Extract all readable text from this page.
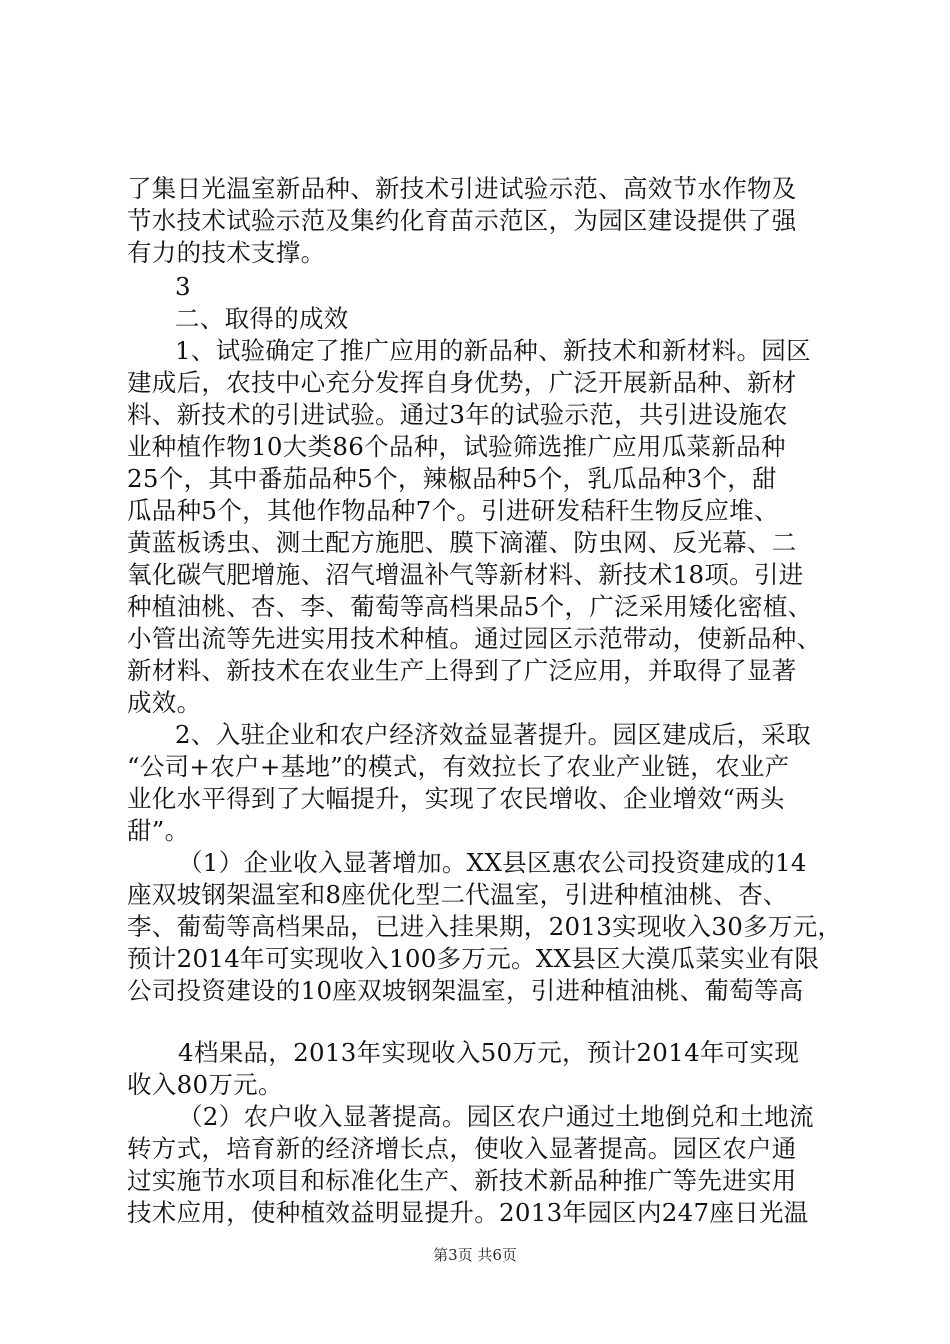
了集日光温室新品种、新技术引进试验示范、高效节水作物及
节水技术试验示范及集约化育苗示范区，为园区建设提供了强
有力的技术支撑。
3
二、取得的成效
1、试验确定了推广应用的新品种、新技术和新材料。园区
建成后，农技中心充分发挥自身优势，广泛开展新品种、新材
料、新技术的引进试验。通过3年的试验示范，共引进设施农
业种植作物10大类86个品种，试验筛选推广应用瓜菜新品种
25个，其中番茄品种5个，辣椒品种5个，乳瓜品种3个，甜
瓜品种5个，其他作物品种7个。引进研发秸秆生物反应堆、
黄蓝板诱虫、测土配方施肥、膜下滴灌、防虫网、反光幕、二
氧化碳气肥增施、沼气增温补气等新材料、新技术18项。引进
种植油桃、杏、李、葡萄等高档果品5个，广泛采用矮化密植、
小管出流等先进实用技术种植。通过园区示范带动，使新品种、
新材料、新技术在农业生产上得到了广泛应用，并取得了显著
成效。
2、入驻企业和农户经济效益显著提升。园区建成后，采取
“公司+农户+基地”的模式，有效拉长了农业产业链，农业产
业化水平得到了大幅提升，实现了农民增收、企业增效“两头
甜”。
（1）企业收入显著增加。XX县区惠农公司投资建成的14
座双坡钢架温室和8座优化型二代温室，引进种植油桃、杏、
李、葡萄等高档果品，已进入挂果期，2013实现收入30多万元，
预计2014年可实现收入100多万元。XX县区大漠瓜菜实业有限
公司投资建设的10座双坡钢架温室，引进种植油桃、葡萄等高
4档果品，2013年实现收入50万元，预计2014年可实现
收入80万元。
（2）农户收入显著提高。园区农户通过土地倒兑和土地流
转方式，培育新的经济增长点，使收入显著提高。园区农户通
过实施节水项目和标准化生产、新技术新品种推广等先进实用
技术应用，使种植效益明显提升。2013年园区内247座日光温
第3页 共6页
